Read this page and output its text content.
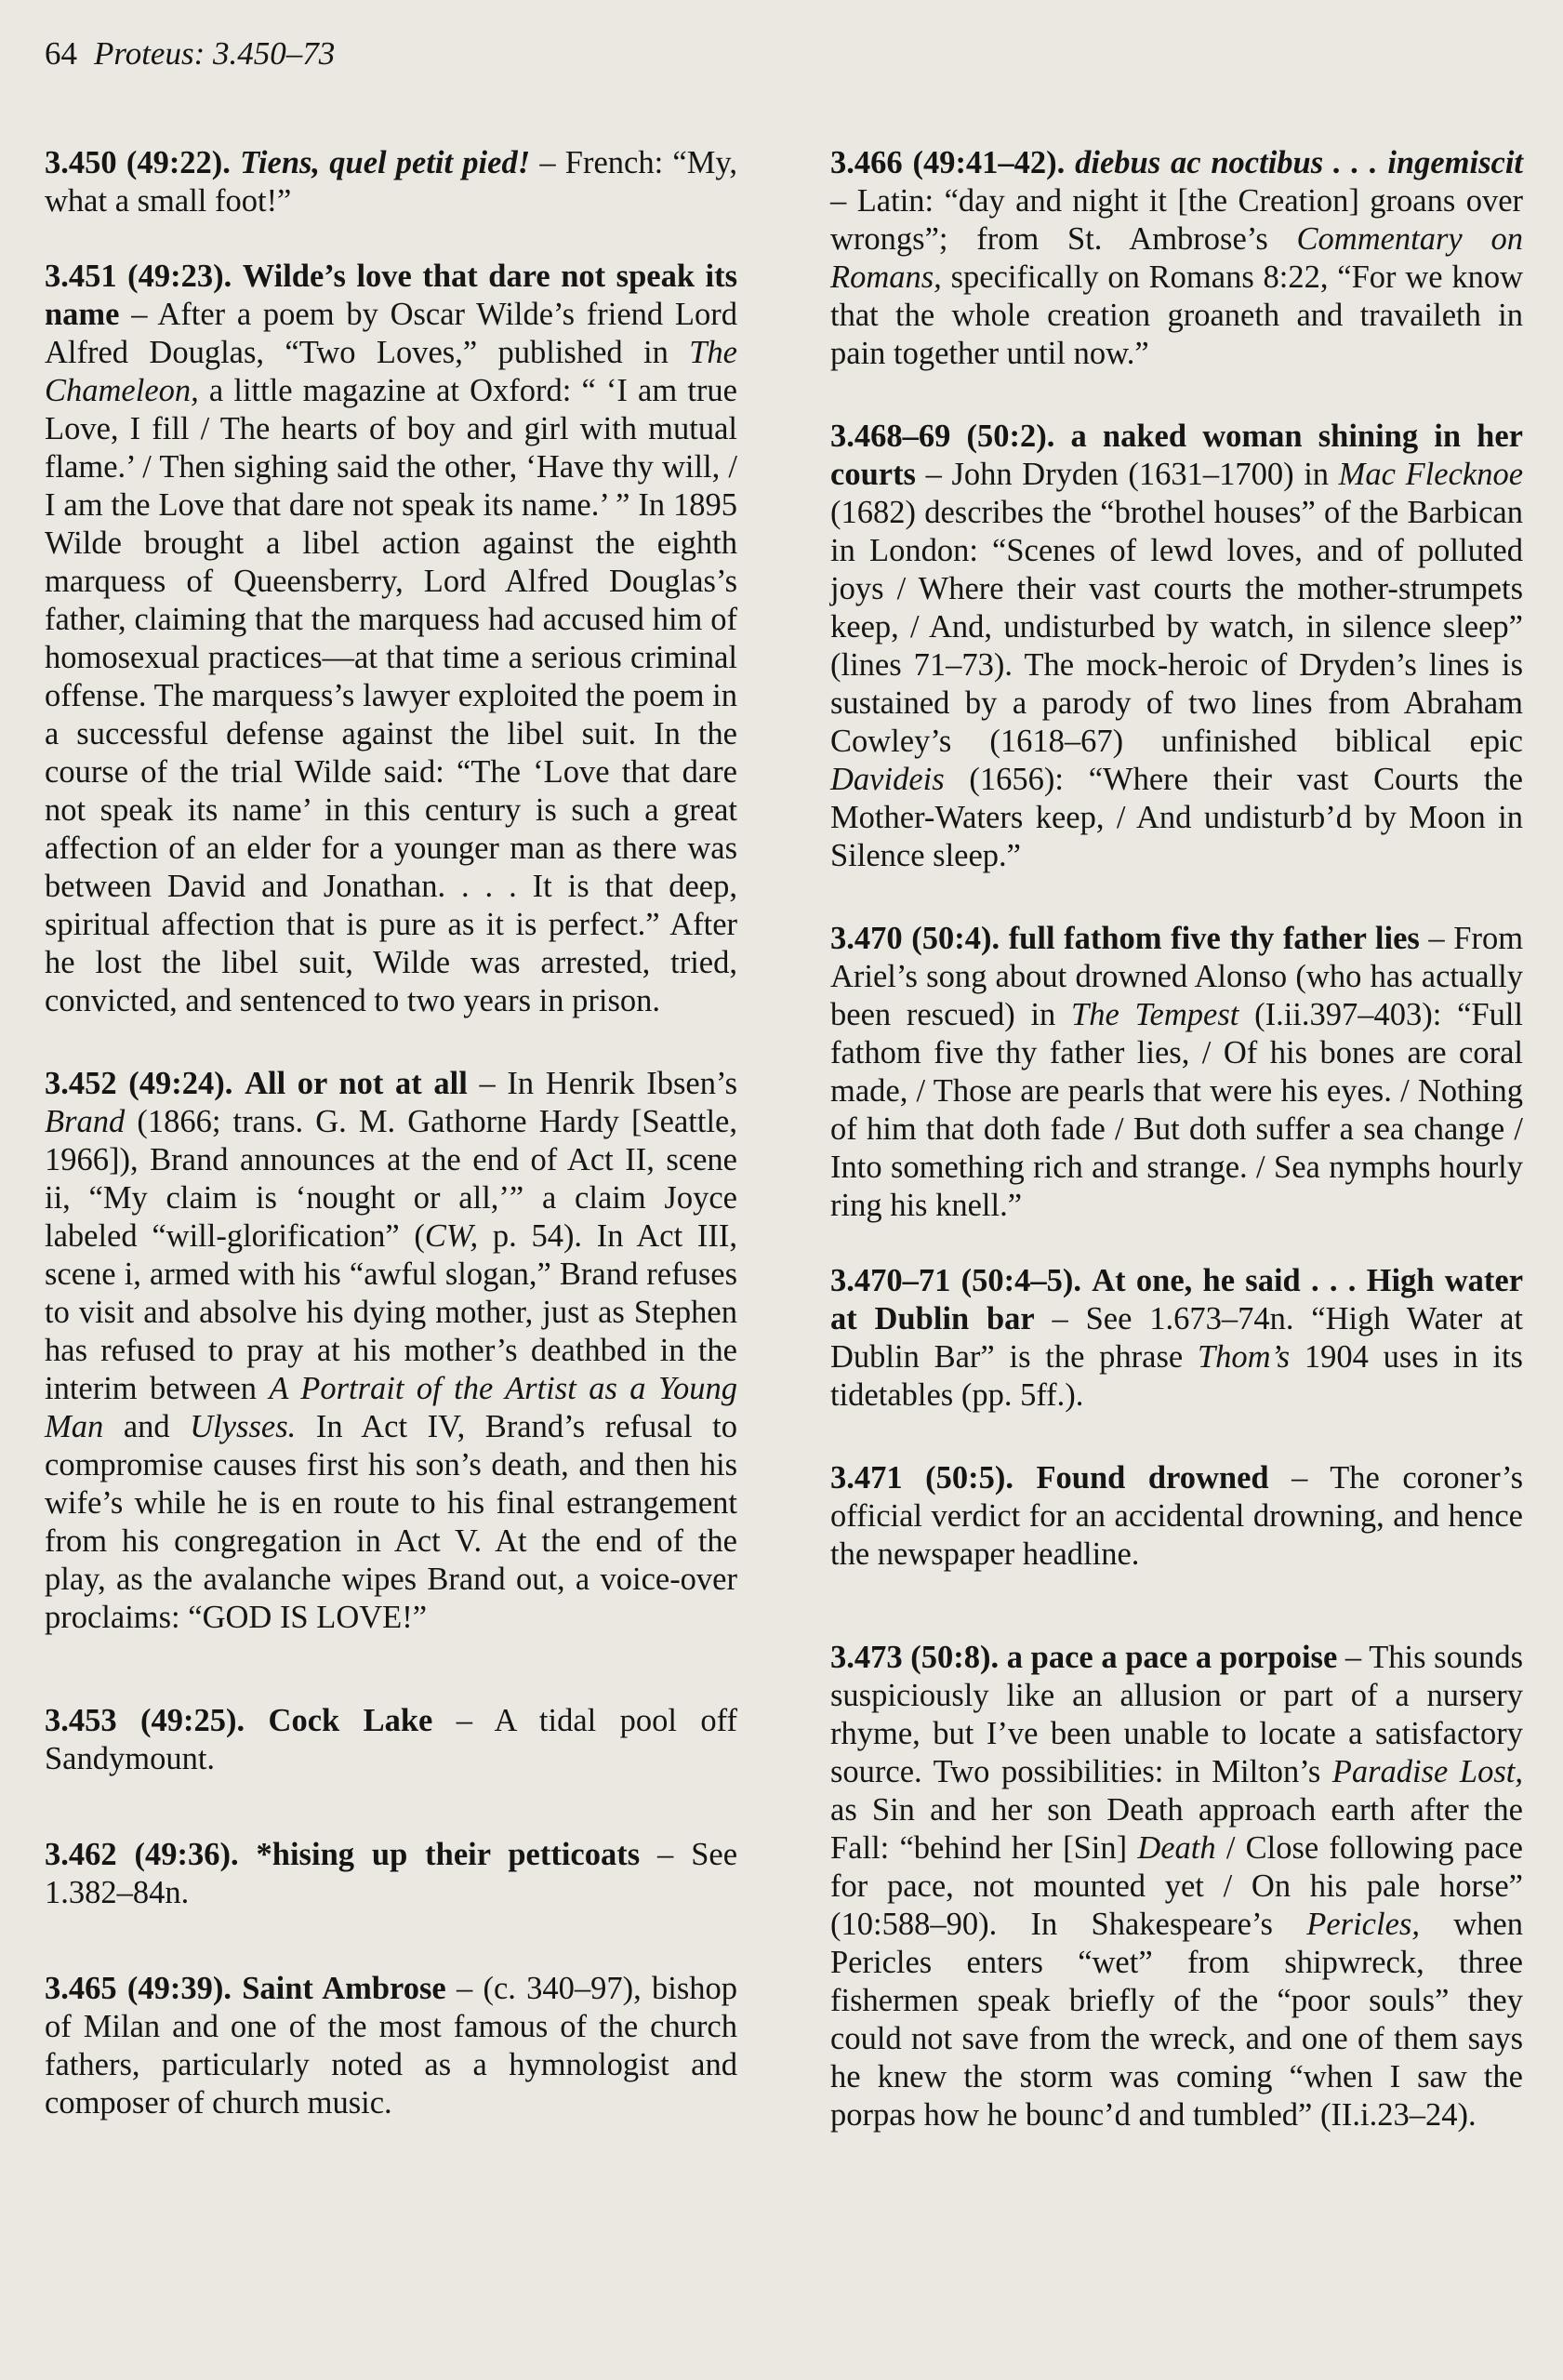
64 Proteus: 3.450–73

3.450 (49:22). Tiens, quel petit pied! – French: “My, what a small foot!”

3.451 (49:23). Wilde’s love that dare not speak its name – After a poem by Oscar Wilde’s friend Lord Alfred Douglas, “Two Loves,” published in The Chameleon, a little magazine at Oxford: “ ‘I am true Love, I fill / The hearts of boy and girl with mutual flame.’ / Then sighing said the other, ‘Have thy will, / I am the Love that dare not speak its name.’ ” In 1895 Wilde brought a libel action against the eighth marquess of Queensberry, Lord Alfred Douglas’s father, claiming that the marquess had accused him of homosexual practices—at that time a serious criminal offense. The marquess’s lawyer exploited the poem in a successful defense against the libel suit. In the course of the trial Wilde said: “The ‘Love that dare not speak its name’ in this century is such a great affection of an elder for a younger man as there was between David and Jonathan. . . . It is that deep, spiritual affection that is pure as it is perfect.” After he lost the libel suit, Wilde was arrested, tried, convicted, and sentenced to two years in prison.

3.452 (49:24). All or not at all – In Henrik Ibsen’s Brand (1866; trans. G. M. Gathorne Hardy [Seattle, 1966]), Brand announces at the end of Act II, scene ii, “My claim is ‘nought or all,’” a claim Joyce labeled “will-glorification” (CW, p. 54). In Act III, scene i, armed with his “awful slogan,” Brand refuses to visit and absolve his dying mother, just as Stephen has refused to pray at his mother’s deathbed in the interim between A Portrait of the Artist as a Young Man and Ulysses. In Act IV, Brand’s refusal to compromise causes first his son’s death, and then his wife’s while he is en route to his final estrangement from his congregation in Act V. At the end of the play, as the avalanche wipes Brand out, a voice-over proclaims: “GOD IS LOVE!”

3.453 (49:25). Cock Lake – A tidal pool off Sandymount.

3.462 (49:36). *hising up their petticoats – See 1.382–84n.

3.465 (49:39). Saint Ambrose – (c. 340–97), bishop of Milan and one of the most famous of the church fathers, particularly noted as a hymnologist and composer of church music.

3.466 (49:41–42). diebus ac noctibus . . . ingemiscit – Latin: “day and night it [the Creation] groans over wrongs”; from St. Ambrose’s Commentary on Romans, specifically on Romans 8:22, “For we know that the whole creation groaneth and travaileth in pain together until now.”

3.468–69 (50:2). a naked woman shining in her courts – John Dryden (1631–1700) in Mac Flecknoe (1682) describes the “brothel houses” of the Barbican in London: “Scenes of lewd loves, and of polluted joys / Where their vast courts the mother-strumpets keep, / And, undisturbed by watch, in silence sleep” (lines 71–73). The mock-heroic of Dryden’s lines is sustained by a parody of two lines from Abraham Cowley’s (1618–67) unfinished biblical epic Davideis (1656): “Where their vast Courts the Mother-Waters keep, / And undisturb’d by Moon in Silence sleep.”

3.470 (50:4). full fathom five thy father lies – From Ariel’s song about drowned Alonso (who has actually been rescued) in The Tempest (I.ii.397–403): “Full fathom five thy father lies, / Of his bones are coral made, / Those are pearls that were his eyes. / Nothing of him that doth fade / But doth suffer a sea change / Into something rich and strange. / Sea nymphs hourly ring his knell.”

3.470–71 (50:4–5). At one, he said . . . High water at Dublin bar – See 1.673–74n. “High Water at Dublin Bar” is the phrase Thom’s 1904 uses in its tidetables (pp. 5ff.).

3.471 (50:5). Found drowned – The coroner’s official verdict for an accidental drowning, and hence the newspaper headline.

3.473 (50:8). a pace a pace a porpoise – This sounds suspiciously like an allusion or part of a nursery rhyme, but I’ve been unable to locate a satisfactory source. Two possibilities: in Milton’s Paradise Lost, as Sin and her son Death approach earth after the Fall: “behind her [Sin] Death / Close following pace for pace, not mounted yet / On his pale horse” (10:588–90). In Shakespeare’s Pericles, when Pericles enters “wet” from shipwreck, three fishermen speak briefly of the “poor souls” they could not save from the wreck, and one of them says he knew the storm was coming “when I saw the porpas how he bounc’d and tumbled” (II.i.23–24).
